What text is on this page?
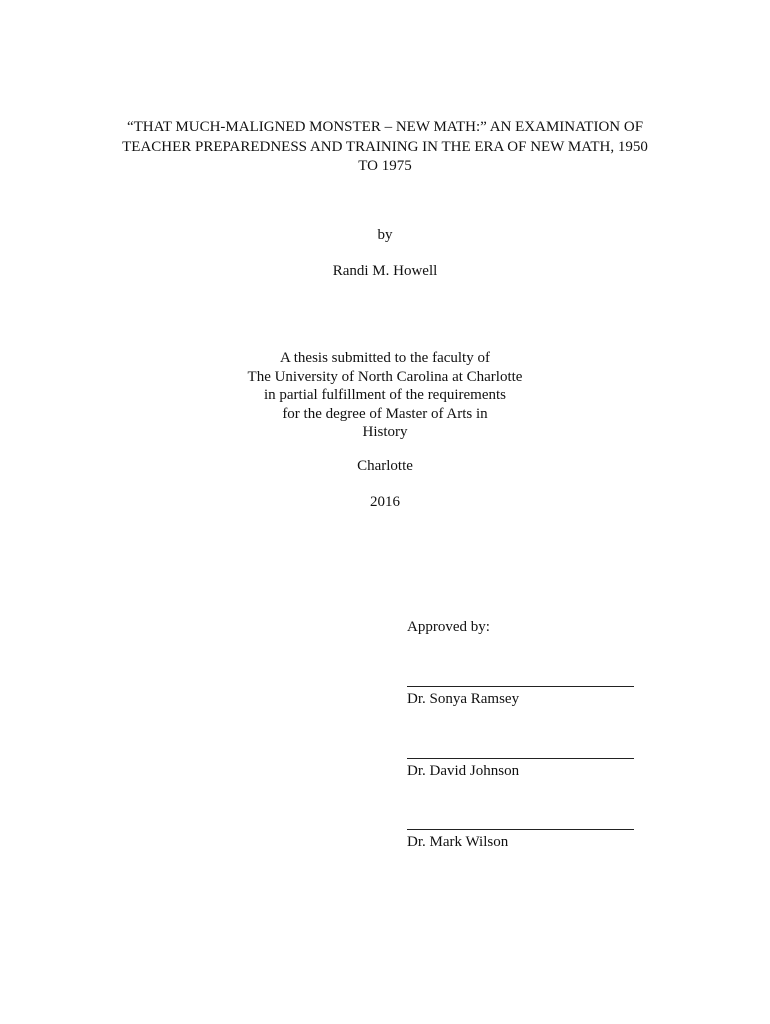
“THAT MUCH-MALIGNED MONSTER – NEW MATH:” AN EXAMINATION OF
TEACHER PREPAREDNESS AND TRAINING IN THE ERA OF NEW MATH, 1950
TO 1975
by
Randi M. Howell
A thesis submitted to the faculty of
The University of North Carolina at Charlotte
in partial fulfillment of the requirements
for the degree of Master of Arts in
History
Charlotte
2016
Approved by:
Dr. Sonya Ramsey
Dr. David Johnson
Dr. Mark Wilson
